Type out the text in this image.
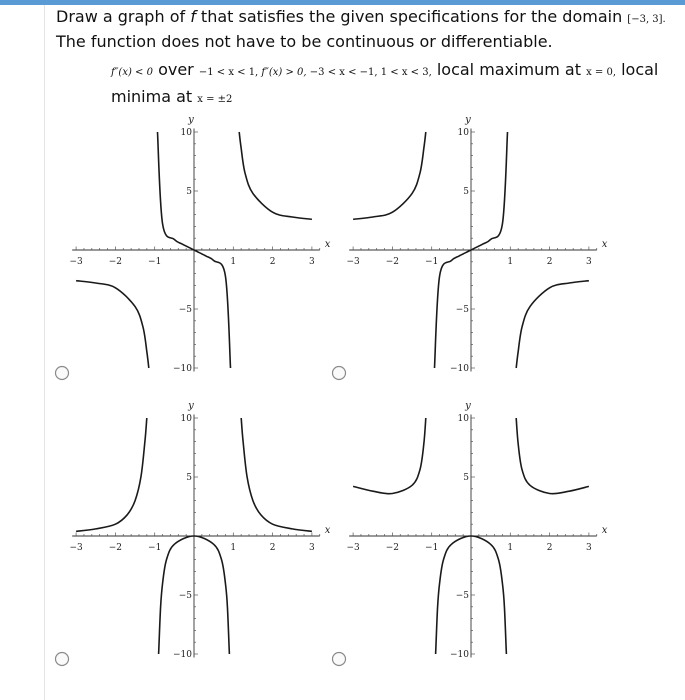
Draw a graph of f that satisfies the given specifications for the domain [−3, 3].
The function does not have to be continuous or differentiable.
f″(x) < 0 over −1 < x < 1, f″(x) > 0, −3 < x < −1, 1 < x < 3, local maximum at x = 0, local
minima at x = ±2
−3	−2	−1	1	2	3
10
5
−5
−10
x
y
−3	−2	−1	1	2	3
10
5
−5
−10
x
y
−3	−2	−1	1	2	3
10
5
−5
−10
x
y
−3	−2	−1	1	2	3
10
5
−5
−10
x
y
